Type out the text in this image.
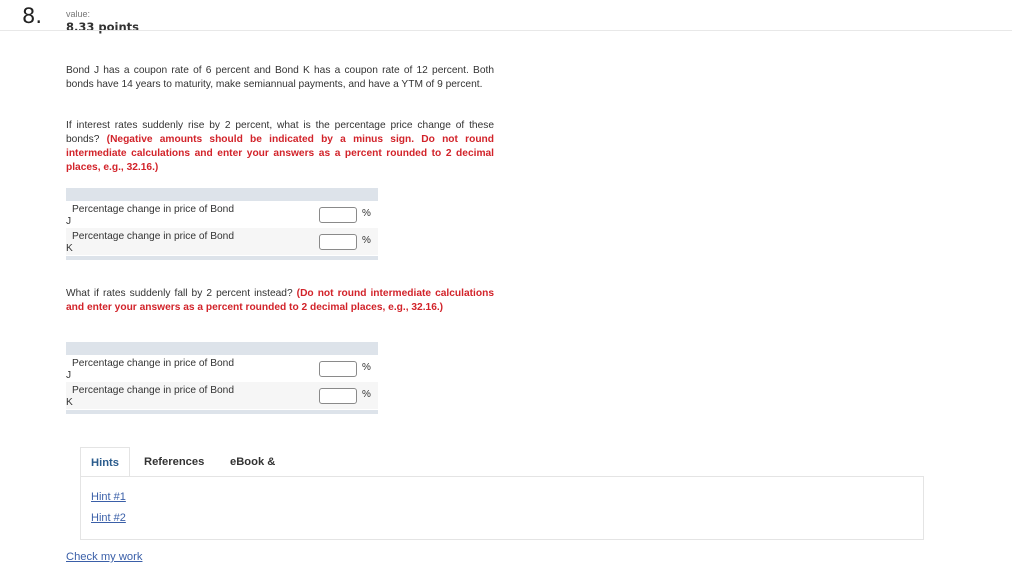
8.	value:
8.33 points

Bond J has a coupon rate of 6 percent and Bond K has a coupon rate of 12 percent. Both bonds have 14 years to maturity, make semiannual payments, and have a YTM of 9 percent.

If interest rates suddenly rise by 2 percent, what is the percentage price change of these bonds? (Negative amounts should be indicated by a minus sign. Do not round intermediate calculations and enter your answers as a percent rounded to 2 decimal places, e.g., 32.16.)

Percentage change in price of Bond
J
%
Percentage change in price of Bond
K
%

What if rates suddenly fall by 2 percent instead? (Do not round intermediate calculations and enter your answers as a percent rounded to 2 decimal places, e.g., 32.16.)

Percentage change in price of Bond
J
%
Percentage change in price of Bond
K
%
Hints	References eBook &
Hint #1
Hint #2
Check my work
